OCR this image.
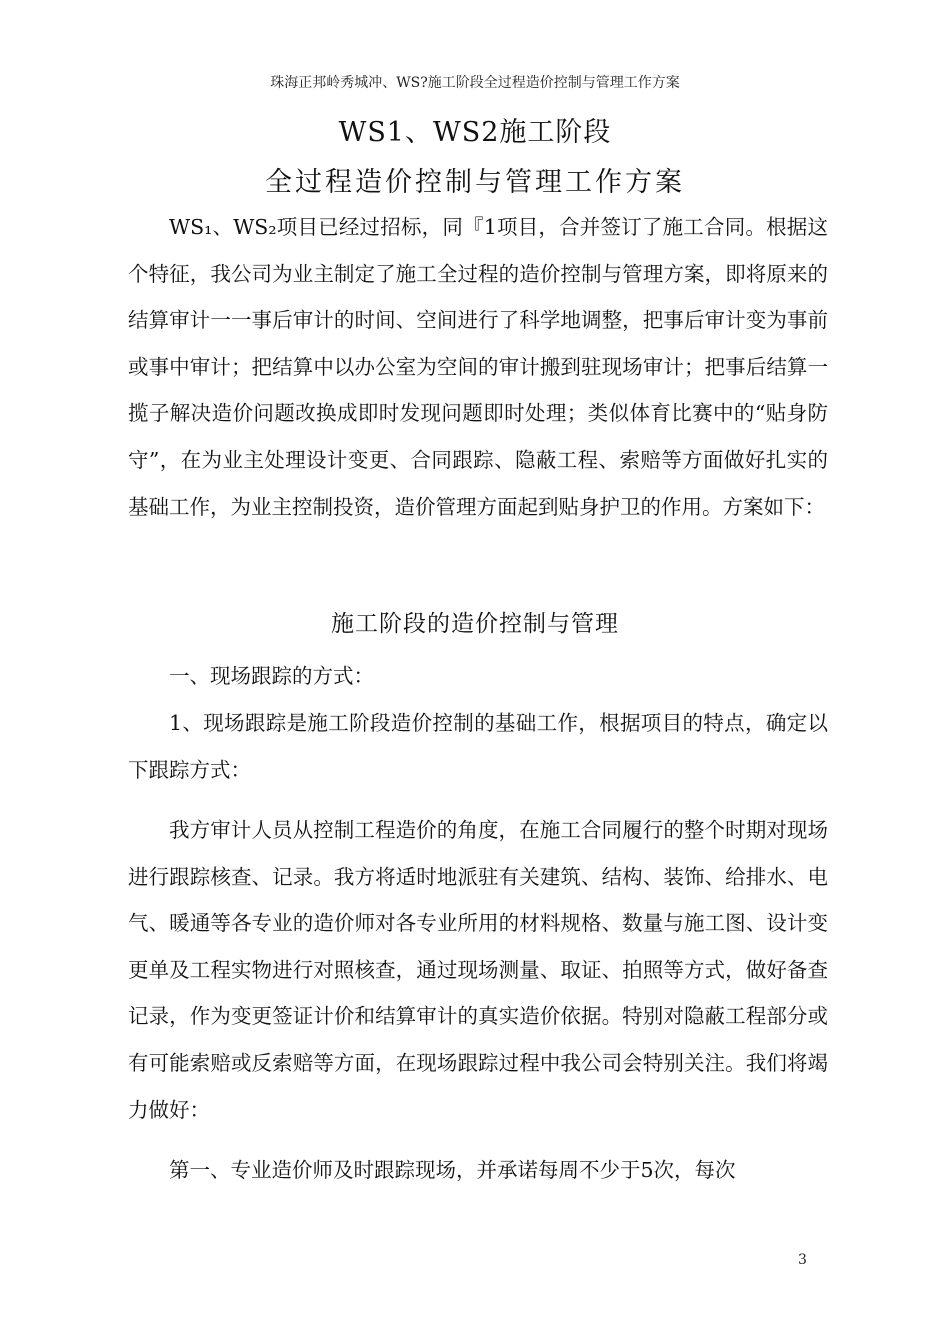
珠海正邦岭秀城冲、WS?施工阶段全过程造价控制与管理工作方案
WS1、WS2施工阶段
全过程造价控制与管理工作方案

WS₁、WS₂项目已经过招标，同『1项目，合并签订了施工合同。根据这个特征，我公司为业主制定了施工全过程的造价控制与管理方案，即将原来的结算审计一一事后审计的时间、空间进行了科学地调整，把事后审计变为事前或事中审计；把结算中以办公室为空间的审计搬到驻现场审计；把事后结算一揽子解决造价问题改换成即时发现问题即时处理；类似体育比赛中的“贴身防守”，在为业主处理设计变更、合同跟踪、隐蔽工程、索赔等方面做好扎实的基础工作，为业主控制投资，造价管理方面起到贴身护卫的作用。方案如下：

施工阶段的造价控制与管理

一、现场跟踪的方式：

1、现场跟踪是施工阶段造价控制的基础工作，根据项目的特点，确定以下跟踪方式：

我方审计人员从控制工程造价的角度，在施工合同履行的整个时期对现场进行跟踪核查、记录。我方将适时地派驻有关建筑、结构、装饰、给排水、电气、暖通等各专业的造价师对各专业所用的材料规格、数量与施工图、设计变更单及工程实物进行对照核查，通过现场测量、取证、拍照等方式，做好备查记录，作为变更签证计价和结算审计的真实造价依据。特别对隐蔽工程部分或有可能索赔或反索赔等方面，在现场跟踪过程中我公司会特别关注。我们将竭力做好：

第一、专业造价师及时跟踪现场，并承诺每周不少于5次，每次

3
